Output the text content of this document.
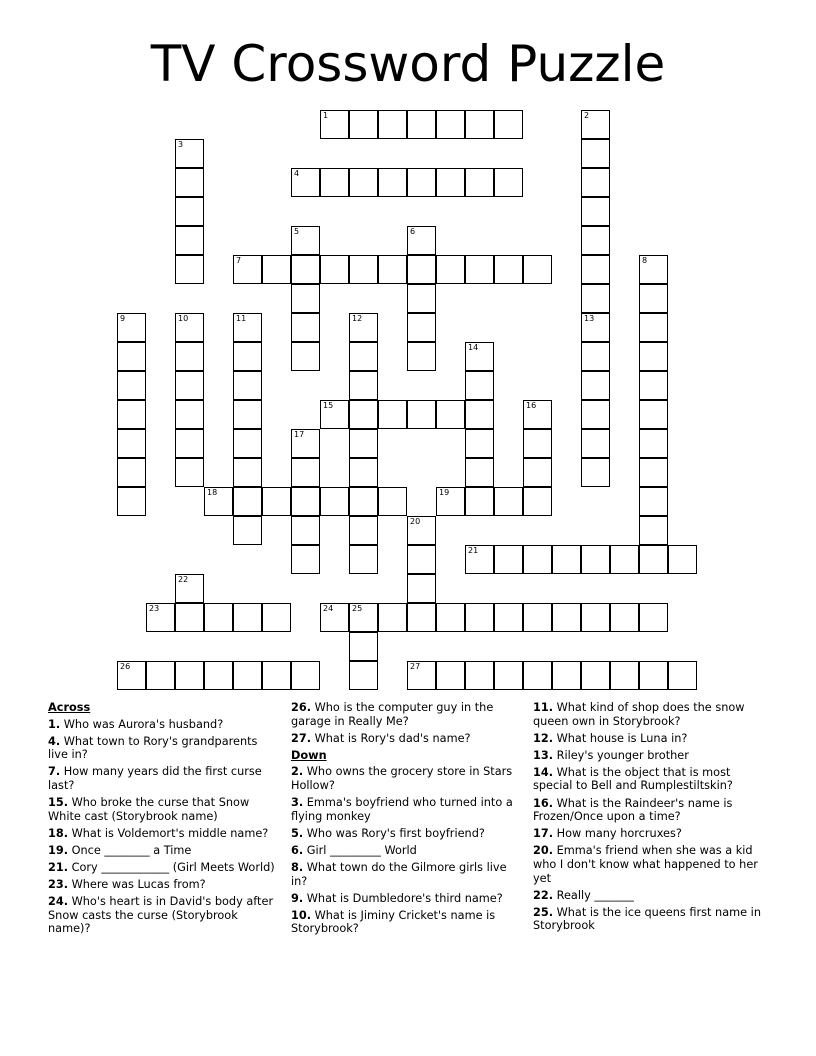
TV Crossword Puzzle
1	2
3
4
5	6
7	8
9	10	11	12	13
14
15	16
17
18	19
20
21
22
23	24 25
26	27
Across
1. Who was Aurora's husband?
4. What town to Rory's grandparents live in?
7. How many years did the first curse last?
15. Who broke the curse that Snow White cast (Storybrook name)
18. What is Voldemort's middle name?
19. Once ________ a Time
21. Cory ____________ (Girl Meets World)
23. Where was Lucas from?
24. Who's heart is in David's body after Snow casts the curse (Storybrook name)?
26. Who is the computer guy in the garage in Really Me?
27. What is Rory's dad's name?
Down
2. Who owns the grocery store in Stars Hollow?
3. Emma's boyfriend who turned into a flying monkey
5. Who was Rory's first boyfriend?
6. Girl _________ World
8. What town do the Gilmore girls live in?
9. What is Dumbledore's third name?
10. What is Jiminy Cricket's name is Storybrook?
11. What kind of shop does the snow queen own in Storybrook?
12. What house is Luna in?
13. Riley's younger brother
14. What is the object that is most special to Bell and Rumplestiltskin?
16. What is the Raindeer's name is Frozen/Once upon a time?
17. How many horcruxes?
20. Emma's friend when she was a kid who I don't know what happened to her yet
22. Really _______
25. What is the ice queens first name in Storybrook
